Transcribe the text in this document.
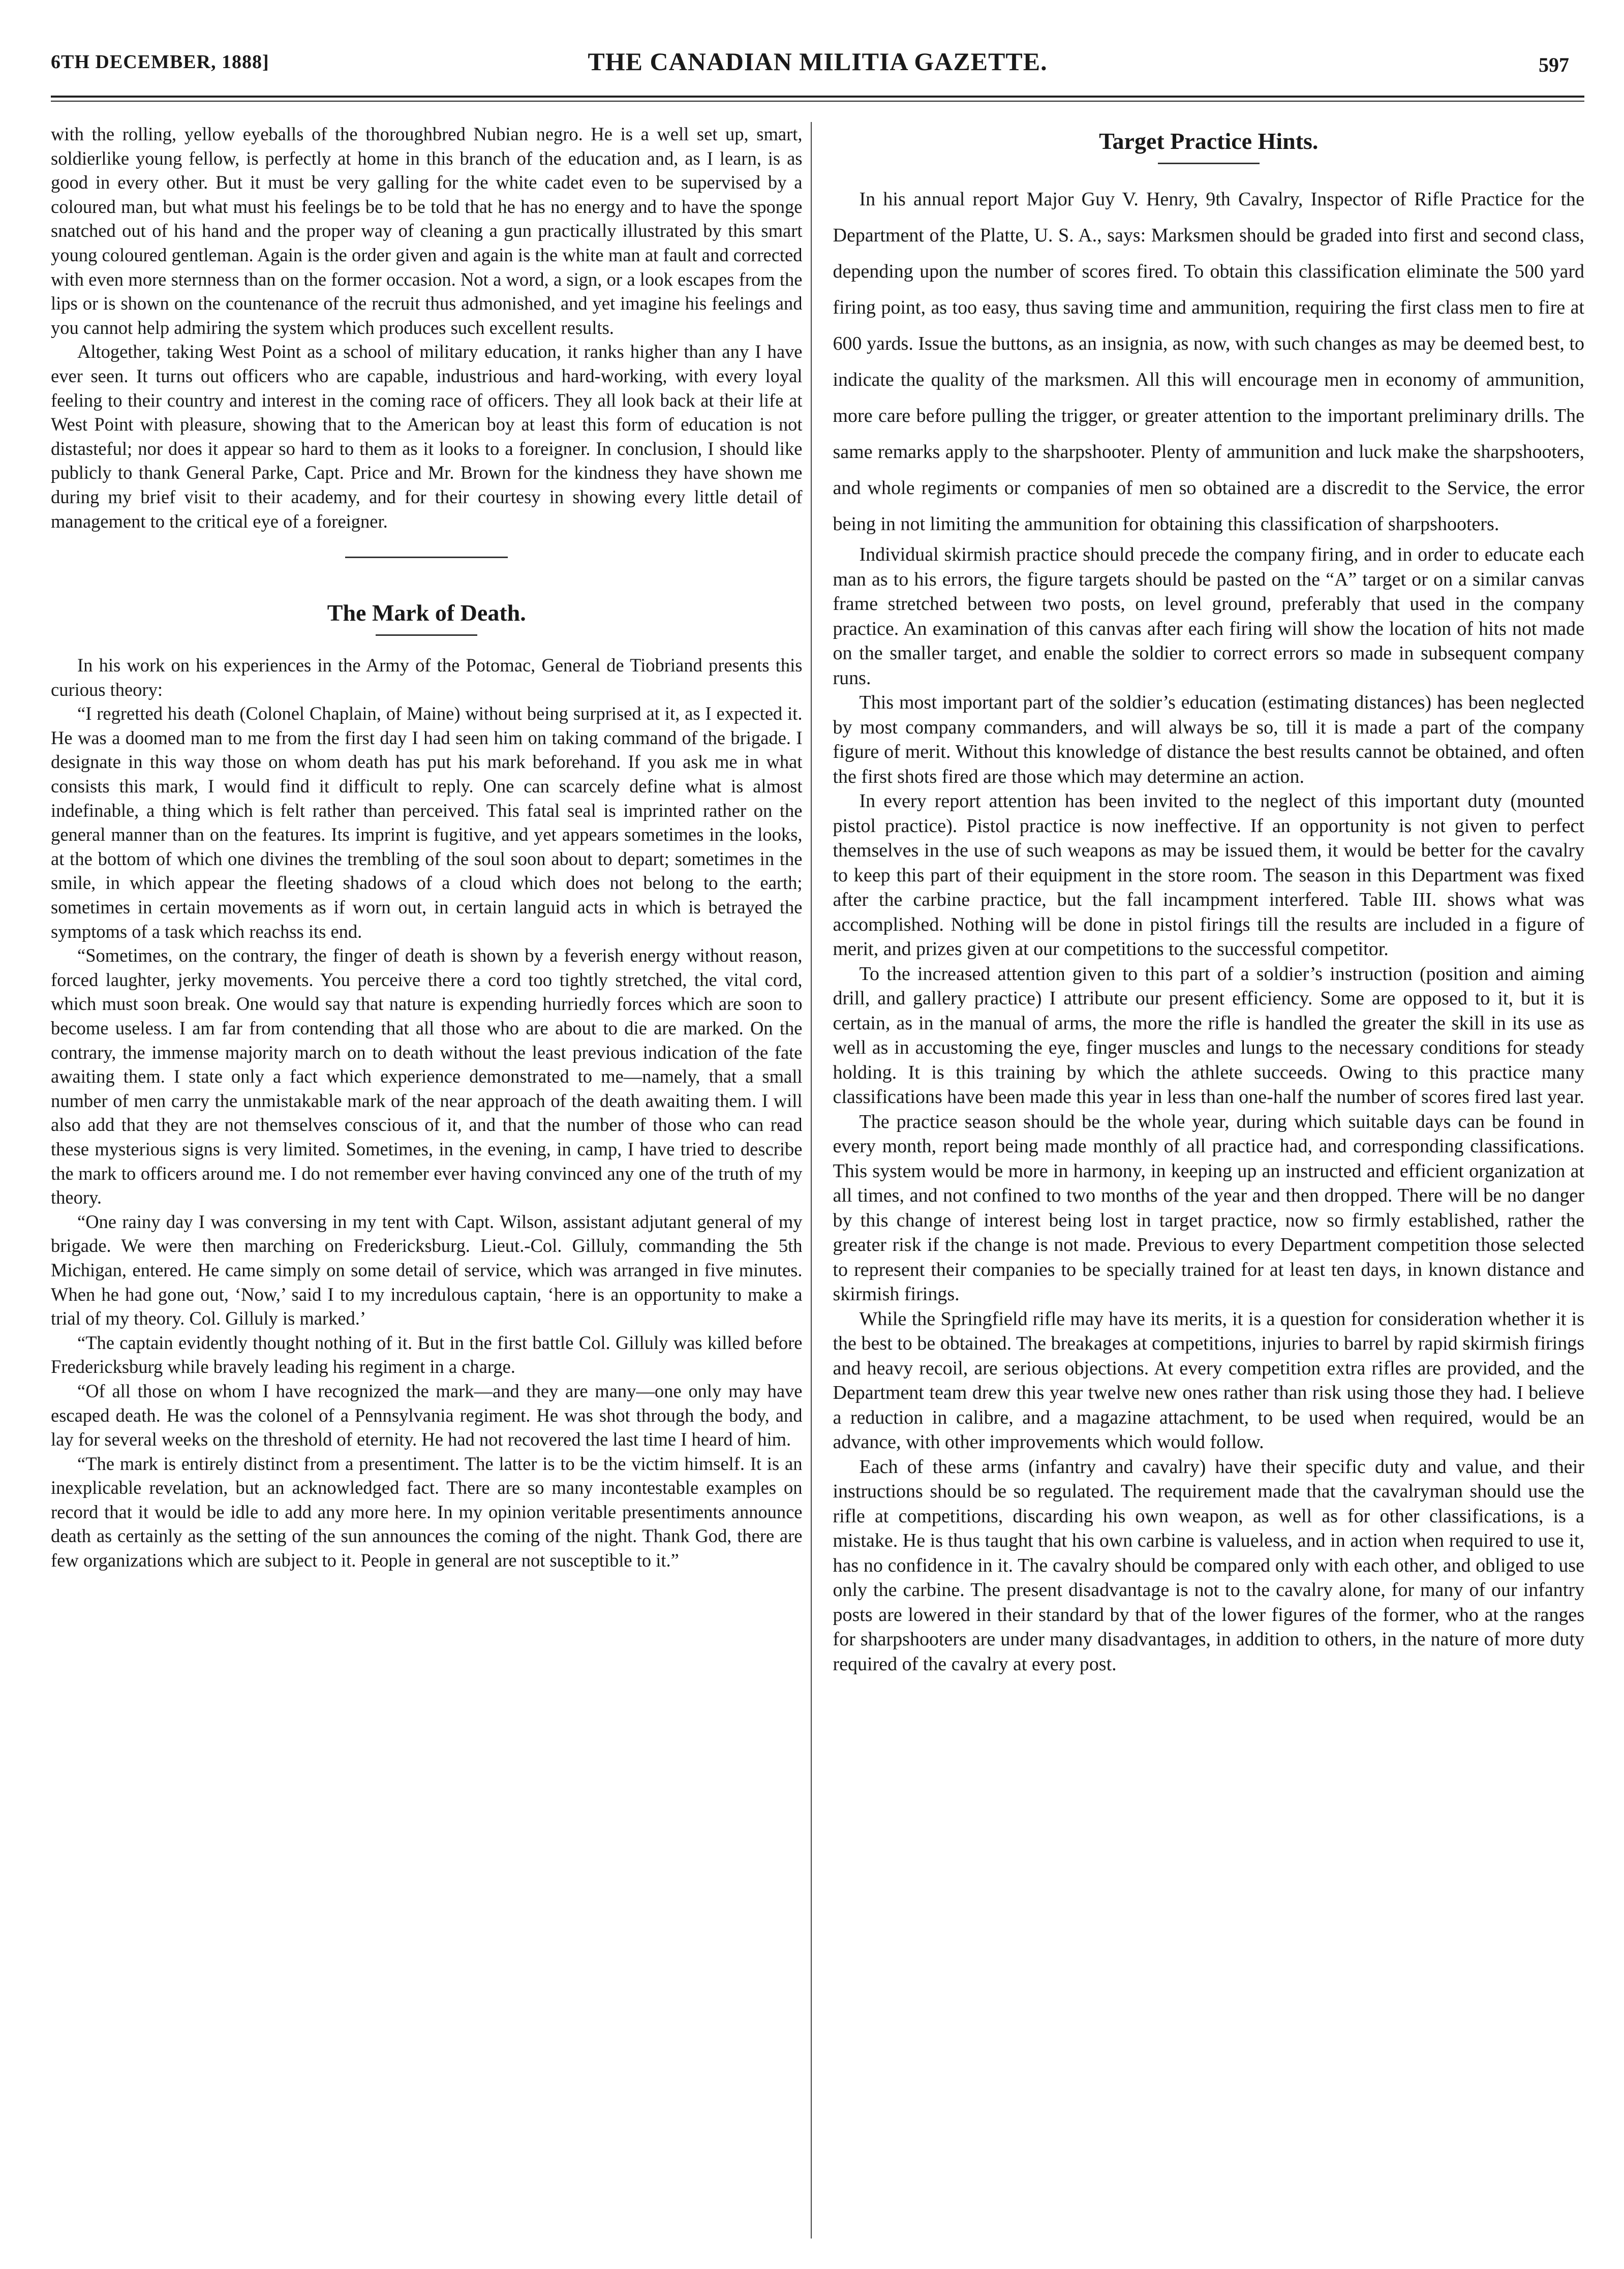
6TH DECEMBER, 1888]	THE CANADIAN MILITIA GAZETTE.	597

with the rolling, yellow eyeballs of the thoroughbred Nubian negro. He is a well set up, smart, soldierlike young fellow, is perfectly at home in this branch of the education and, as I learn, is as good in every other. But it must be very galling for the white cadet even to be supervised by a coloured man, but what must his feelings be to be told that he has no energy and to have the sponge snatched out of his hand and the proper way of cleaning a gun practically illustrated by this smart young coloured gentleman. Again is the order given and again is the white man at fault and corrected with even more sternness than on the former occasion. Not a word, a sign, or a look escapes from the lips or is shown on the countenance of the recruit thus admonished, and yet imagine his feelings and you cannot help admiring the system which produces such excellent results.

Altogether, taking West Point as a school of military education, it ranks higher than any I have ever seen. It turns out officers who are capable, industrious and hard-working, with every loyal feeling to their country and interest in the coming race of officers. They all look back at their life at West Point with pleasure, showing that to the American boy at least this form of education is not distasteful; nor does it appear so hard to them as it looks to a foreigner. In conclusion, I should like publicly to thank General Parke, Capt. Price and Mr. Brown for the kindness they have shown me during my brief visit to their academy, and for their courtesy in showing every little detail of management to the critical eye of a foreigner.

The Mark of Death.

In his work on his experiences in the Army of the Potomac, General de Tiobriand presents this curious theory:

“I regretted his death (Colonel Chaplain, of Maine) without being surprised at it, as I expected it. He was a doomed man to me from the first day I had seen him on taking command of the brigade. I designate in this way those on whom death has put his mark beforehand. If you ask me in what consists this mark, I would find it difficult to reply. One can scarcely define what is almost indefinable, a thing which is felt rather than perceived. This fatal seal is imprinted rather on the general manner than on the features. Its imprint is fugitive, and yet appears sometimes in the looks, at the bottom of which one divines the trembling of the soul soon about to depart; sometimes in the smile, in which appear the fleeting shadows of a cloud which does not belong to the earth; sometimes in certain movements as if worn out, in certain languid acts in which is betrayed the symptoms of a task which reachss its end.

“Sometimes, on the contrary, the finger of death is shown by a feverish energy without reason, forced laughter, jerky movements. You perceive there a cord too tightly stretched, the vital cord, which must soon break. One would say that nature is expending hurriedly forces which are soon to become useless. I am far from contending that all those who are about to die are marked. On the contrary, the immense majority march on to death without the least previous indication of the fate awaiting them. I state only a fact which experience demonstrated to me—namely, that a small number of men carry the unmistakable mark of the near approach of the death awaiting them. I will also add that they are not themselves conscious of it, and that the number of those who can read these mysterious signs is very limited. Sometimes, in the evening, in camp, I have tried to describe the mark to officers around me. I do not remember ever having convinced any one of the truth of my theory.

“One rainy day I was conversing in my tent with Capt. Wilson, assistant adjutant general of my brigade. We were then marching on Fredericksburg. Lieut.-Col. Gilluly, commanding the 5th Michigan, entered. He came simply on some detail of service, which was arranged in five minutes. When he had gone out, ‘Now,’ said I to my incredulous captain, ‘here is an opportunity to make a trial of my theory. Col. Gilluly is marked.’

“The captain evidently thought nothing of it. But in the first battle Col. Gilluly was killed before Fredericksburg while bravely leading his regiment in a charge.

“Of all those on whom I have recognized the mark—and they are many—one only may have escaped death. He was the colonel of a Pennsylvania regiment. He was shot through the body, and lay for several weeks on the threshold of eternity. He had not recovered the last time I heard of him.

“The mark is entirely distinct from a presentiment. The latter is to be the victim himself. It is an inexplicable revelation, but an acknowledged fact. There are so many incontestable examples on record that it would be idle to add any more here. In my opinion veritable presentiments announce death as certainly as the setting of the sun announces the coming of the night. Thank God, there are few organizations which are subject to it. People in general are not susceptible to it.”

Target Practice Hints.

In his annual report Major Guy V. Henry, 9th Cavalry, Inspector of Rifle Practice for the Department of the Platte, U. S. A., says: Marksmen should be graded into first and second class, depending upon the number of scores fired. To obtain this classification eliminate the 500 yard firing point, as too easy, thus saving time and ammunition, requiring the first class men to fire at 600 yards. Issue the buttons, as an insignia, as now, with such changes as may be deemed best, to indicate the quality of the marksmen. All this will encourage men in economy of ammunition, more care before pulling the trigger, or greater attention to the important preliminary drills. The same remarks apply to the sharpshooter. Plenty of ammunition and luck make the sharpshooters, and whole regiments or companies of men so obtained are a discredit to the Service, the error being in not limiting the ammunition for obtaining this classification of sharpshooters.

Individual skirmish practice should precede the company firing, and in order to educate each man as to his errors, the figure targets should be pasted on the “A” target or on a similar canvas frame stretched between two posts, on level ground, preferably that used in the company practice. An examination of this canvas after each firing will show the location of hits not made on the smaller target, and enable the soldier to correct errors so made in subsequent company runs.

This most important part of the soldier’s education (estimating distances) has been neglected by most company commanders, and will always be so, till it is made a part of the company figure of merit. Without this knowledge of distance the best results cannot be obtained, and often the first shots fired are those which may determine an action.

In every report attention has been invited to the neglect of this important duty (mounted pistol practice). Pistol practice is now ineffective. If an opportunity is not given to perfect themselves in the use of such weapons as may be issued them, it would be better for the cavalry to keep this part of their equipment in the store room. The season in this Department was fixed after the carbine practice, but the fall incampment interfered. Table III. shows what was accomplished. Nothing will be done in pistol firings till the results are included in a figure of merit, and prizes given at our competitions to the successful competitor.

To the increased attention given to this part of a soldier’s instruction (position and aiming drill, and gallery practice) I attribute our present efficiency. Some are opposed to it, but it is certain, as in the manual of arms, the more the rifle is handled the greater the skill in its use as well as in accustoming the eye, finger muscles and lungs to the necessary conditions for steady holding. It is this training by which the athlete succeeds. Owing to this practice many classifications have been made this year in less than one-half the number of scores fired last year.

The practice season should be the whole year, during which suitable days can be found in every month, report being made monthly of all practice had, and corresponding classifications. This system would be more in harmony, in keeping up an instructed and efficient organization at all times, and not confined to two months of the year and then dropped. There will be no danger by this change of interest being lost in target practice, now so firmly established, rather the greater risk if the change is not made. Previous to every Department competition those selected to represent their companies to be specially trained for at least ten days, in known distance and skirmish firings.

While the Springfield rifle may have its merits, it is a question for consideration whether it is the best to be obtained. The breakages at competitions, injuries to barrel by rapid skirmish firings and heavy recoil, are serious objections. At every competition extra rifles are provided, and the Department team drew this year twelve new ones rather than risk using those they had. I believe a reduction in calibre, and a magazine attachment, to be used when required, would be an advance, with other improvements which would follow.

Each of these arms (infantry and cavalry) have their specific duty and value, and their instructions should be so regulated. The requirement made that the cavalryman should use the rifle at competitions, discarding his own weapon, as well as for other classifications, is a mistake. He is thus taught that his own carbine is valueless, and in action when required to use it, has no confidence in it. The cavalry should be compared only with each other, and obliged to use only the carbine. The present disadvantage is not to the cavalry alone, for many of our infantry posts are lowered in their standard by that of the lower figures of the former, who at the ranges for sharpshooters are under many disadvantages, in addition to others, in the nature of more duty required of the cavalry at every post.
